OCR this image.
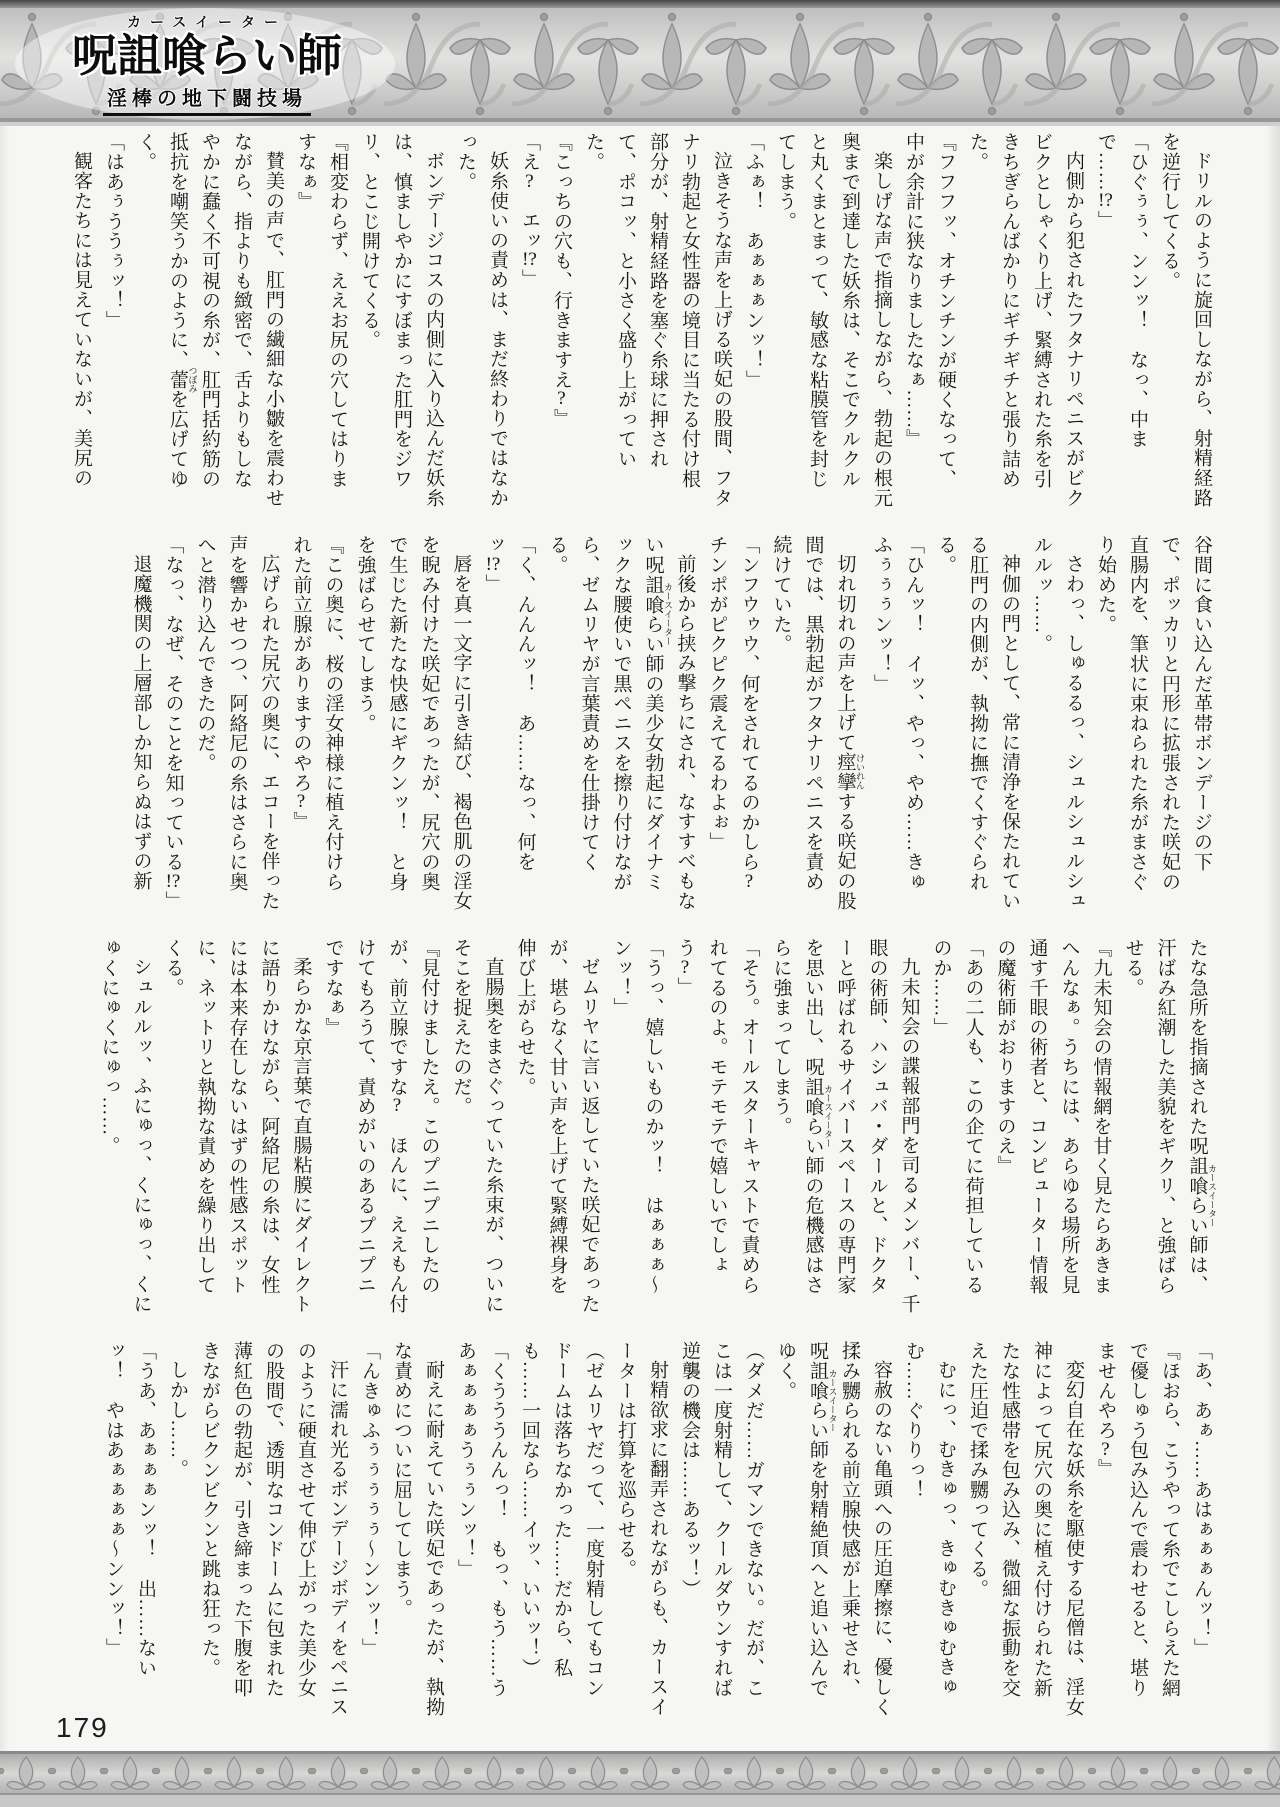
カースイーター
呪詛喰らい師
淫棒の地下闘技場

ドリルのように旋回しながら、射精経路を逆行してくる。

「ひぐぅぅ、ンンッ！　なっ、中まで……!?」

内側から犯されたフタナリペニスがビクビクとしゃくり上げ、緊縛された糸を引きちぎらんばかりにギチギチと張り詰めた。

『フフフッ、オチンチンが硬くなって、中が余計に狭なりましたなぁ……』

楽しげな声で指摘しながら、勃起の根元奥まで到達した妖糸は、そこでクルクルと丸くまとまって、敏感な粘膜管を封じてしまう。

「ふぁ！　あぁぁぁンッ！」

泣きそうな声を上げる咲妃の股間、フタナリ勃起と女性器の境目に当たる付け根部分が、射精経路を塞ぐ糸球に押されて、ポコッ、と小さく盛り上がっていた。

『こっちの穴も、行きますえ?』

「え?　エッ!?」

妖糸使いの責めは、まだ終わりではなかった。

ボンデージコスの内側に入り込んだ妖糸は、慎ましやかにすぼまった肛門をジワリ、とこじ開けてくる。

『相変わらず、ええお尻の穴してはりますなぁ』

賛美の声で、肛門の繊細な小皺を震わせながら、指よりも緻密で、舌よりもしなやかに蠢く不可視の糸が、肛門括約筋の抵抗を嘲笑うかのように、蕾 つぼみを広げてゆく。

「はあぅううぅッ！」

観客たちには見えていないが、美尻の

谷間に食い込んだ革帯ボンデージの下で、ポッカリと円形に拡張された咲妃の直腸内を、筆状に束ねられた糸がまさぐり始めた。

さわっ、しゅるるっ、シュルシュルシュルルッ……。

神伽の門として、常に清浄を保たれている肛門の内側が、執拗に撫でくすぐられる。

「ひんッ！　イッ、やっ、やめ……きゅふぅぅぅンッ！」

切れ切れの声を上げて痙攣 けいれんする咲妃の股間では、黒勃起がフタナリペニスを責め続けていた。

「ンフウゥウ、何をされてるのかしら?　チンポがピクピク震えてるわよぉ」

前後から挟み撃ちにされ、なすすべもない呪詛喰らい師 カースイーターの美少女勃起にダイナミックな腰使いで黒ペニスを擦り付けながら、ゼムリヤが言葉責めを仕掛けてくる。

「く、んんんッ！　あ……なっ、何をッ!?」

唇を真一文字に引き結び、褐色肌の淫女を睨み付けた咲妃であったが、尻穴の奥で生じた新たな快感にギクンッ！　と身を強ばらせてしまう。

『この奥に、桜の淫女神様に植え付けられた前立腺がありますのやろ?』

広げられた尻穴の奥に、エコーを伴った声を響かせつつ、阿絡尼の糸はさらに奥へと潜り込んできたのだ。

「なっ、なぜ、そのことを知っている!?」

退魔機関の上層部しか知らぬはずの新

たな急所を指摘された呪詛喰らい師 カースイーターは、汗ばみ紅潮した美貌をギクリ、と強ばらせる。

『九未知会の情報網を甘く見たらあきまへんなぁ。うちには、あらゆる場所を見通す千眼の術者と、コンピューター情報の魔術師がおりますのえ』

「あの二人も、この企てに荷担しているのか……」

九未知会の諜報部門を司るメンバー、千眼の術師、ハシュバ・ダールと、ドクターと呼ばれるサイバースペースの専門家を思い出し、呪詛喰らい師 カースイーターの危機感はさらに強まってしまう。

「そう。オールスターキャストで責められてるのよ。モテモテで嬉しいでしょう?」

「うっ、嬉しいものかッ！　はぁぁぁ～ンッ！」

ゼムリヤに言い返していた咲妃であったが、堪らなく甘い声を上げて緊縛裸身を伸び上がらせた。

直腸奥をまさぐっていた糸束が、ついにそこを捉えたのだ。

『見付けましたえ。このプニプニしたのが、前立腺ですな?　ほんに、ええもん付けてもろうて、責めがいのあるプニプニですなぁ』

柔らかな京言葉で直腸粘膜にダイレクトに語りかけながら、阿絡尼の糸は、女性には本来存在しないはずの性感スポットに、ネットリと執拗な責めを繰り出してくる。

シュルルッ、ふにゅっ、くにゅっ、くにゅくにゅくにゅっ……。

「あ、あぁ……あはぁぁぁんッ！」

『ほおら、こうやって糸でこしらえた網で優しゅう包み込んで震わせると、堪りませんやろ?』

変幻自在な妖糸を駆使する尼僧は、淫女神によって尻穴の奥に植え付けられた新たな性感帯を包み込み、微細な振動を交えた圧迫で揉み嬲ってくる。

むにっ、むきゅっ、きゅむきゅむきゅむ……ぐりりっ！

容赦のない亀頭への圧迫摩擦に、優しく揉み嬲られる前立腺快感が上乗せされ、呪詛喰らい師 カースイーターを射精絶頂へと追い込んでゆく。

（ダメだ……ガマンできない。だが、ここは一度射精して、クールダウンすれば逆襲の機会は……あるッ！）

射精欲求に翻弄されながらも、カースイーターは打算を巡らせる。

（ゼムリヤだって、一度射精してもコンドームは落ちなかった……だから、私も……一回なら……イッ、いいッ！）

「くうううんんっ！　もっ、もう……うあぁぁぁぁうぅぅンッ！」

耐えに耐えていた咲妃であったが、執拗な責めについに屈してしまう。

「んきゅふぅぅぅぅぅ～ンンッ！」

汗に濡れ光るボンデージボディをペニスのように硬直させて伸び上がった美少女の股間で、透明なコンドームに包まれた薄紅色の勃起が、引き締まった下腹を叩きながらビクンビクンと跳ね狂った。

しかし……。

「うあ、あぁぁぁンッ！　出……ないッ！　やはあぁぁぁぁ～ンンッ！」

179
